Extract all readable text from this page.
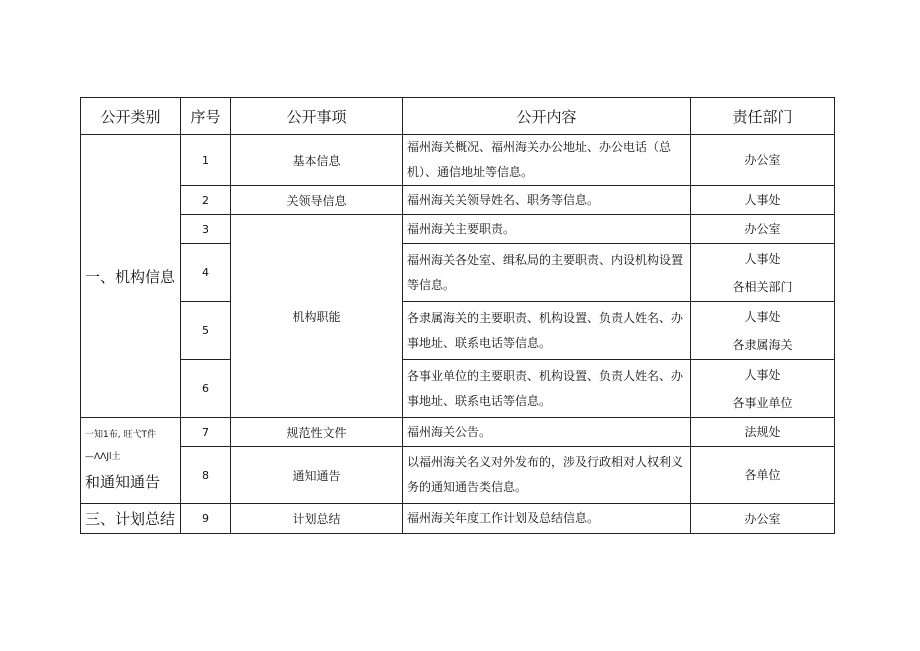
公开类别	序号	公开事项	公开内容	责任部门
一、机构信息	1	基本信息	福州海关概况、福州海关办公地址、办公电话（总机）、通信地址等信息。	办公室

	2	关领导信息	福州海关关领导姓名、职务等信息。	人事处

	3	机构职能	福州海关主要职责。	办公室

	4		福州海关各处室、缉私局的主要职责、内设机构设置等信息。	人事处
各相关部门

	5		各隶属海关的主要职责、机构设置、负责人姓名、办事地址、联系电话等信息。	人事处
各隶属海关

	6		各事业单位的主要职责、机构设置、负责人姓名、办事地址、联系电话等信息。	人事处
各事业单位

一知1布, 旺弋T件
—ΛΛJl土
和通知通告	7	规范性文件	福州海关公告。	法规处

	8	通知通告	以福州海关名义对外发布的，涉及行政相对人权利义务的通知通告类信息。	各单位

三、计划总结	9	计划总结	福州海关年度工作计划及总结信息。	办公室
